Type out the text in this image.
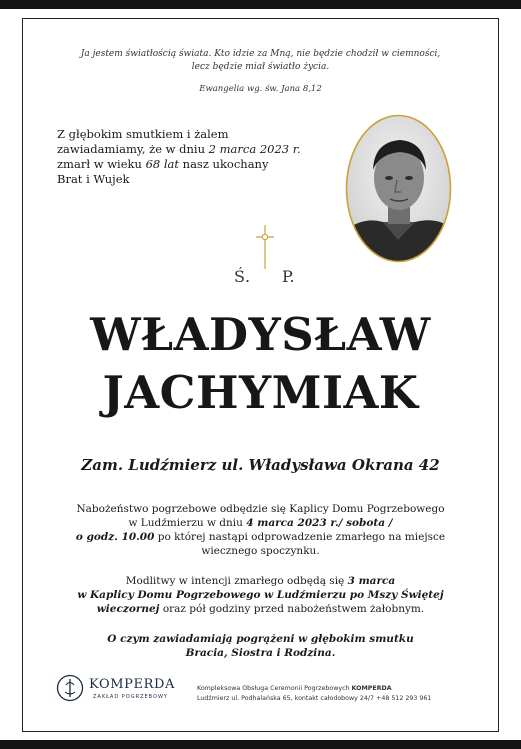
Ja jestem światłością świata. Kto idzie za Mną, nie będzie chodził w ciemności,
lecz będzie miał światło życia.
Ewangelia wg. św. Jana 8,12
Z głębokim smutkiem i żalem
zawiadamiamy, że w dniu 2 marca 2023 r.
zmarł w wieku 68 lat nasz ukochany
Brat i Wujek
Ś. P.
WŁADYSŁAW
JACHYMIAK
Zam. Ludźmierz ul. Władysława Okrana 42
Nabożeństwo pogrzebowe odbędzie się Kaplicy Domu Pogrzebowego
w Ludźmierzu w dniu 4 marca 2023 r./ sobota /
o godz. 10.00 po której nastąpi odprowadzenie zmarłego na miejsce
wiecznego spoczynku.
Modlitwy w intencji zmarłego odbędą się 3 marca
w Kaplicy Domu Pogrzebowego w Ludźmierzu po Mszy Świętej
wieczornej oraz pół godziny przed nabożeństwem żałobnym.
O czym zawiadamiają pogrążeni w głębokim smutku
Bracia, Siostra i Rodzina.
KOMPERDA
ZAKŁAD POGRZEBOWY
Kompleksowa Obsługa Ceremonii Pogrzebowych KOMPERDA
Ludźmierz ul. Podhalańska 65, kontakt całodobowy 24/7 +48 512 293 961
